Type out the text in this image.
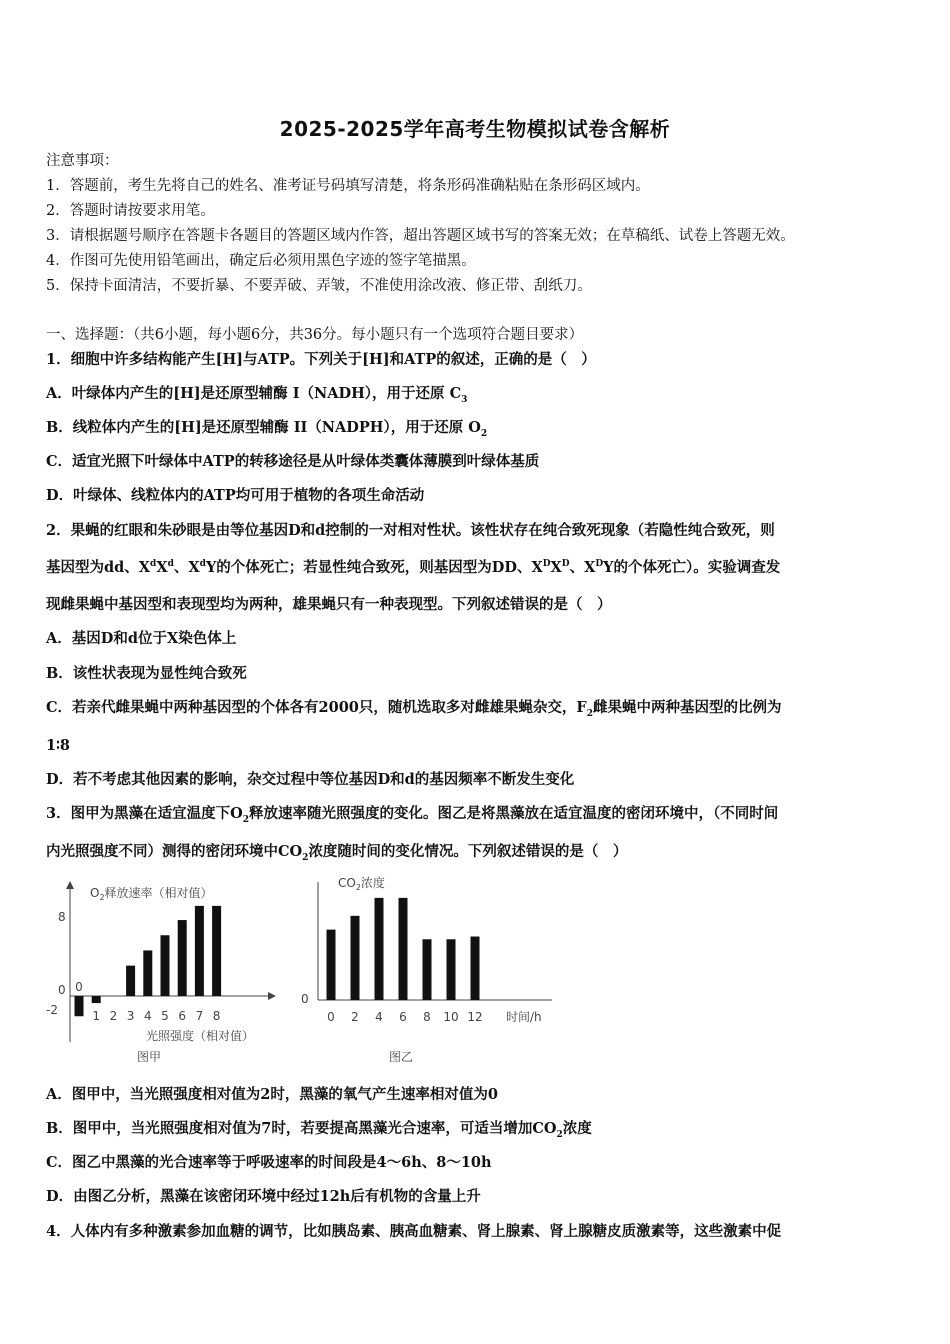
2025-2025学年高考生物模拟试卷含解析
注意事项：
1．答题前，考生先将自己的姓名、准考证号码填写清楚，将条形码准确粘贴在条形码区域内。
2．答题时请按要求用笔。
3．请根据题号顺序在答题卡各题目的答题区域内作答，超出答题区域书写的答案无效；在草稿纸、试卷上答题无效。
4．作图可先使用铅笔画出，确定后必须用黑色字迹的签字笔描黑。
5．保持卡面清洁，不要折暴、不要弄破、弄皱，不准使用涂改液、修正带、刮纸刀。
一、选择题：（共6小题，每小题6分，共36分。每小题只有一个选项符合题目要求）
1．细胞中许多结构能产生[H]与ATP。下列关于[H]和ATP的叙述，正确的是（　）
A．叶绿体内产生的[H]是还原型辅酶 I（NADH），用于还原 $C_3$
B．线粒体内产生的[H]是还原型辅酶 II（NADPH），用于还原 $O_2$
C．适宜光照下叶绿体中ATP的转移途径是从叶绿体类囊体薄膜到叶绿体基质
D．叶绿体、线粒体内的ATP均可用于植物的各项生命活动
2．果蝇的红眼和朱砂眼是由等位基因D和d控制的一对相对性状。该性状存在纯合致死现象（若隐性纯合致死，则
基因型为dd、$X^dX^d$、$X^dY$的个体死亡；若显性纯合致死，则基因型为DD、$X^DX^D$、$X^DY$的个体死亡）。实验调查发
现雌果蝇中基因型和表现型均为两种，雄果蝇只有一种表现型。下列叙述错误的是（　）
A．基因D和d位于X染色体上
B．该性状表现为显性纯合致死
C．若亲代雌果蝇中两种基因型的个体各有2000只，随机选取多对雌雄果蝇杂交，$F_2$雌果蝇中两种基因型的比例为
1∶8
D．若不考虑其他因素的影响，杂交过程中等位基因D和d的基因频率不断发生变化
3．图甲为黑藻在适宜温度下$O_2$释放速率随光照强度的变化。图乙是将黑藻放在适宜温度的密闭环境中，（不同时间
内光照强度不同）测得的密闭环境中$CO_2$浓度随时间的变化情况。下列叙述错误的是（　）
$O_2$释放速率（相对值）
8
0
-2
0
1 2 3 4 5 6 7 8
光照强度（相对值）
图甲
$CO_2$浓度
0
0 2 4 6 8 10 12 时间/h
图乙
A．图甲中，当光照强度相对值为2时，黑藻的氧气产生速率相对值为0
B．图甲中，当光照强度相对值为7时，若要提高黑藻光合速率，可适当增加$CO_2$浓度
C．图乙中黑藻的光合速率等于呼吸速率的时间段是4～6h、8～10h
D．由图乙分析，黑藻在该密闭环境中经过12h后有机物的含量上升
4．人体内有多种激素参加血糖的调节，比如胰岛素、胰高血糖素、肾上腺素、肾上腺糖皮质激素等，这些激素中促
